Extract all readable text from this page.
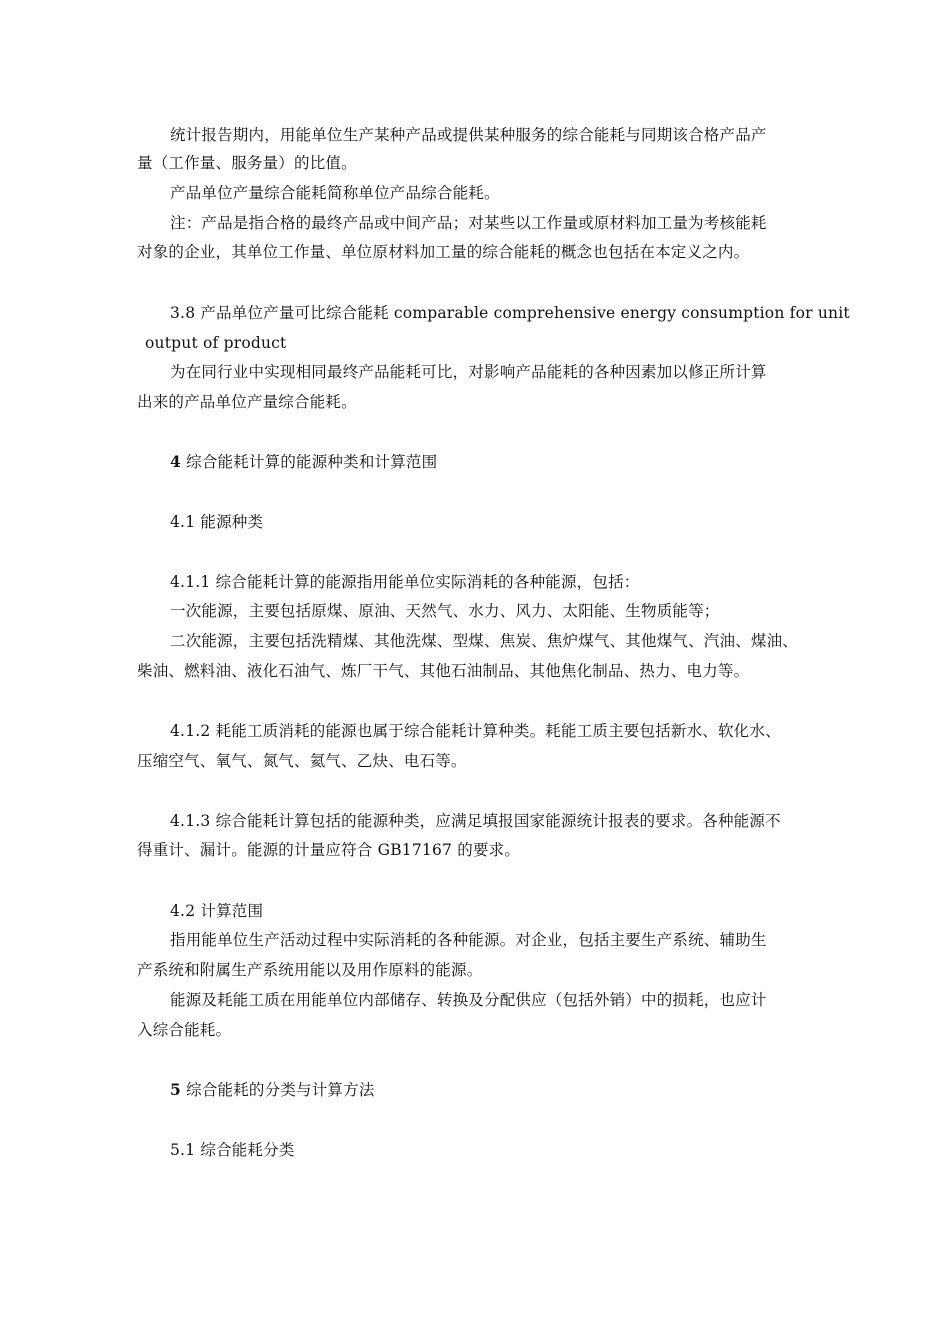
统计报告期内，用能单位生产某种产品或提供某种服务的综合能耗与同期该合格产品产
量（工作量、服务量）的比值。
产品单位产量综合能耗简称单位产品综合能耗。
注：产品是指合格的最终产品或中间产品；对某些以工作量或原材料加工量为考核能耗
对象的企业，其单位工作量、单位原材料加工量的综合能耗的概念也包括在本定义之内。
3.8 产品单位产量可比综合能耗 comparable comprehensive energy consumption for unit
output of product
为在同行业中实现相同最终产品能耗可比，对影响产品能耗的各种因素加以修正所计算
出来的产品单位产量综合能耗。
4 综合能耗计算的能源种类和计算范围
4.1 能源种类
4.1.1 综合能耗计算的能源指用能单位实际消耗的各种能源，包括：
一次能源，主要包括原煤、原油、天然气、水力、风力、太阳能、生物质能等；
二次能源，主要包括洗精煤、其他洗煤、型煤、焦炭、焦炉煤气、其他煤气、汽油、煤油、
柴油、燃料油、液化石油气、炼厂干气、其他石油制品、其他焦化制品、热力、电力等。
4.1.2 耗能工质消耗的能源也属于综合能耗计算种类。耗能工质主要包括新水、软化水、
压缩空气、氧气、氮气、氦气、乙炔、电石等。
4.1.3 综合能耗计算包括的能源种类，应满足填报国家能源统计报表的要求。各种能源不
得重计、漏计。能源的计量应符合 GB17167 的要求。
4.2 计算范围
指用能单位生产活动过程中实际消耗的各种能源。对企业，包括主要生产系统、辅助生
产系统和附属生产系统用能以及用作原料的能源。
能源及耗能工质在用能单位内部储存、转换及分配供应（包括外销）中的损耗，也应计
入综合能耗。
5 综合能耗的分类与计算方法
5.1 综合能耗分类
